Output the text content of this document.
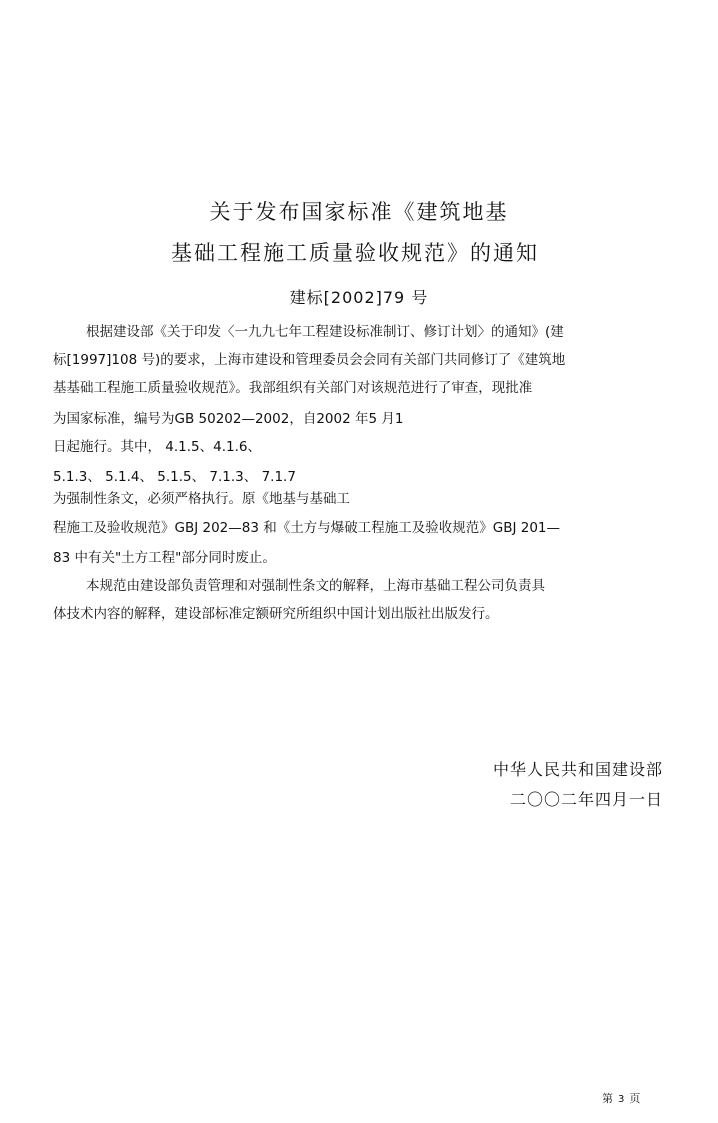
关于发布国家标准《建筑地基
基础工程施工质量验收规范》的通知
建标[2002]79 号
根据建设部《关于印发〈一九九七年工程建设标准制订、修订计划〉的通知》(建
标[1997]108 号)的要求，上海市建设和管理委员会会同有关部门共同修订了《建筑地
基基础工程施工质量验收规范》。我部组织有关部门对该规范进行了审查，现批准
为国家标准，编号为GB 50202—2002，自2002 年5 月1
日起施行。其中， 4.1.5、4.1.6、
5.1.3、 5.1.4、 5.1.5、 7.1.3、 7.1.7
为强制性条文，必须严格执行。原《地基与基础工
程施工及验收规范》GBJ 202—83 和《土方与爆破工程施工及验收规范》GBJ 201—
83 中有关"土方工程"部分同时废止。
本规范由建设部负责管理和对强制性条文的解释，上海市基础工程公司负责具
体技术内容的解释，建设部标准定额研究所组织中国计划出版社出版发行。
中华人民共和国建设部
二〇〇二年四月一日
第 3 页
